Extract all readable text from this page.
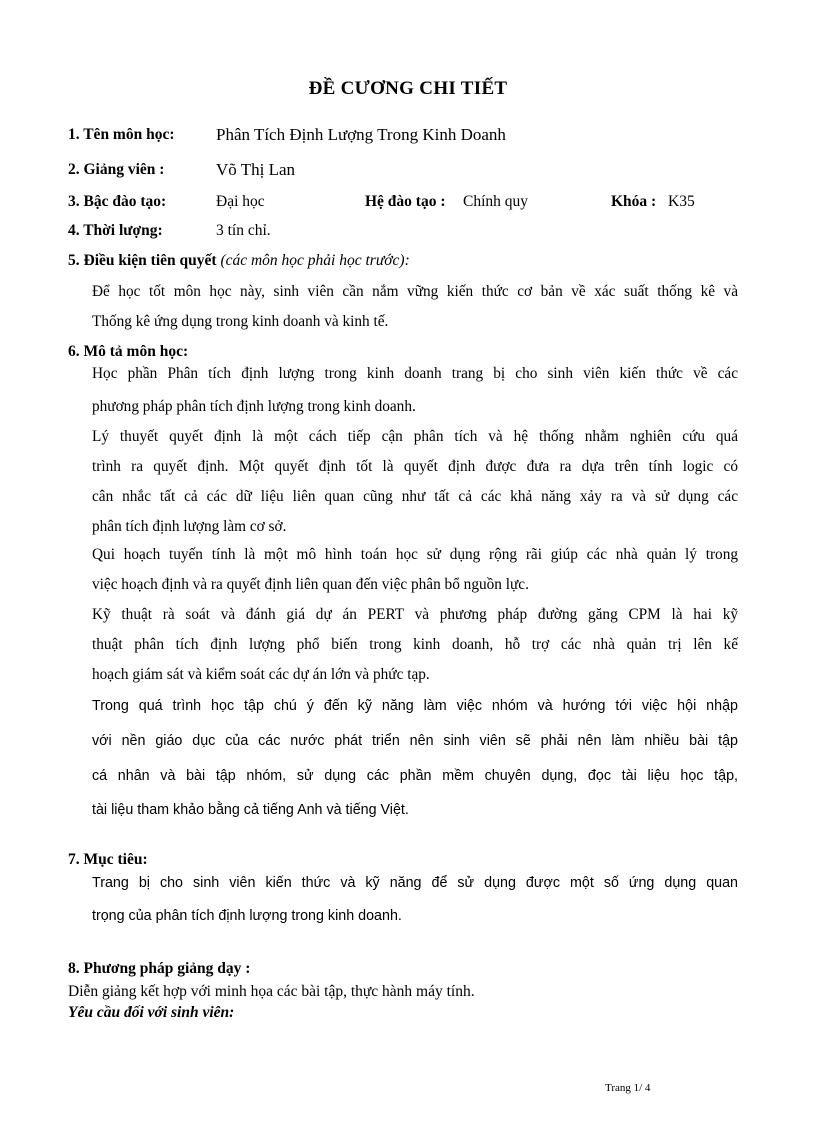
ĐỀ CƯƠNG CHI TIẾT
1. Tên môn học: Phân Tích Định Lượng Trong Kinh Doanh
2. Giảng viên :	Võ Thị Lan
3. Bậc đào tạo:	Đại học	Hệ đào tạo : Chính quy	Khóa : K35
4. Thời lượng:	3 tín chỉ.
5. Điều kiện tiên quyết (các môn học phải học trước):
Để học tốt môn học này, sinh viên cần nắm vững kiến thức cơ bản về xác suất thống kê và
Thống kê ứng dụng trong kinh doanh và kinh tế.
6. Mô tả môn học:
Học phần Phân tích định lượng trong kinh doanh trang bị cho sinh viên kiến thức về các
phương pháp phân tích định lượng trong kinh doanh.
Lý thuyết quyết định là một cách tiếp cận phân tích và hệ thống nhằm nghiên cứu quá
trình ra quyết định. Một quyết định tốt là quyết định được đưa ra dựa trên tính logic có
cân nhắc tất cả các dữ liệu liên quan cũng như tất cả các khả năng xảy ra và sử dụng các
phân tích định lượng làm cơ sở.
Qui hoạch tuyến tính là một mô hình toán học sử dụng rộng rãi giúp các nhà quản lý trong
việc hoạch định và ra quyết định liên quan đến việc phân bổ nguồn lực.
Kỹ thuật rà soát và đánh giá dự án PERT và phương pháp đường găng CPM là hai kỹ
thuật phân tích định lượng phổ biến trong kinh doanh, hỗ trợ các nhà quản trị lên kế
hoạch giám sát và kiểm soát các dự án lớn và phức tạp.
Trong quá trình học tập chú ý đến kỹ năng làm việc nhóm và hướng tới việc hội nhập
với nền giáo dục của các nước phát triển nên sinh viên sẽ phải nên làm nhiều bài tập
cá nhân và bài tập nhóm, sử dụng các phần mềm chuyên dụng, đọc tài liệu học tập,
tài liệu tham khảo bằng cả tiếng Anh và tiếng Việt.
7. Mục tiêu:
Trang bị cho sinh viên kiến thức và kỹ năng để sử dụng được một số ứng dụng quan
trọng của phân tích định lượng trong kinh doanh.
8. Phương pháp giảng dạy :
Diễn giảng kết hợp với minh họa các bài tập, thực hành máy tính.
Yêu cầu đối với sinh viên:
Trang 1/ 4
